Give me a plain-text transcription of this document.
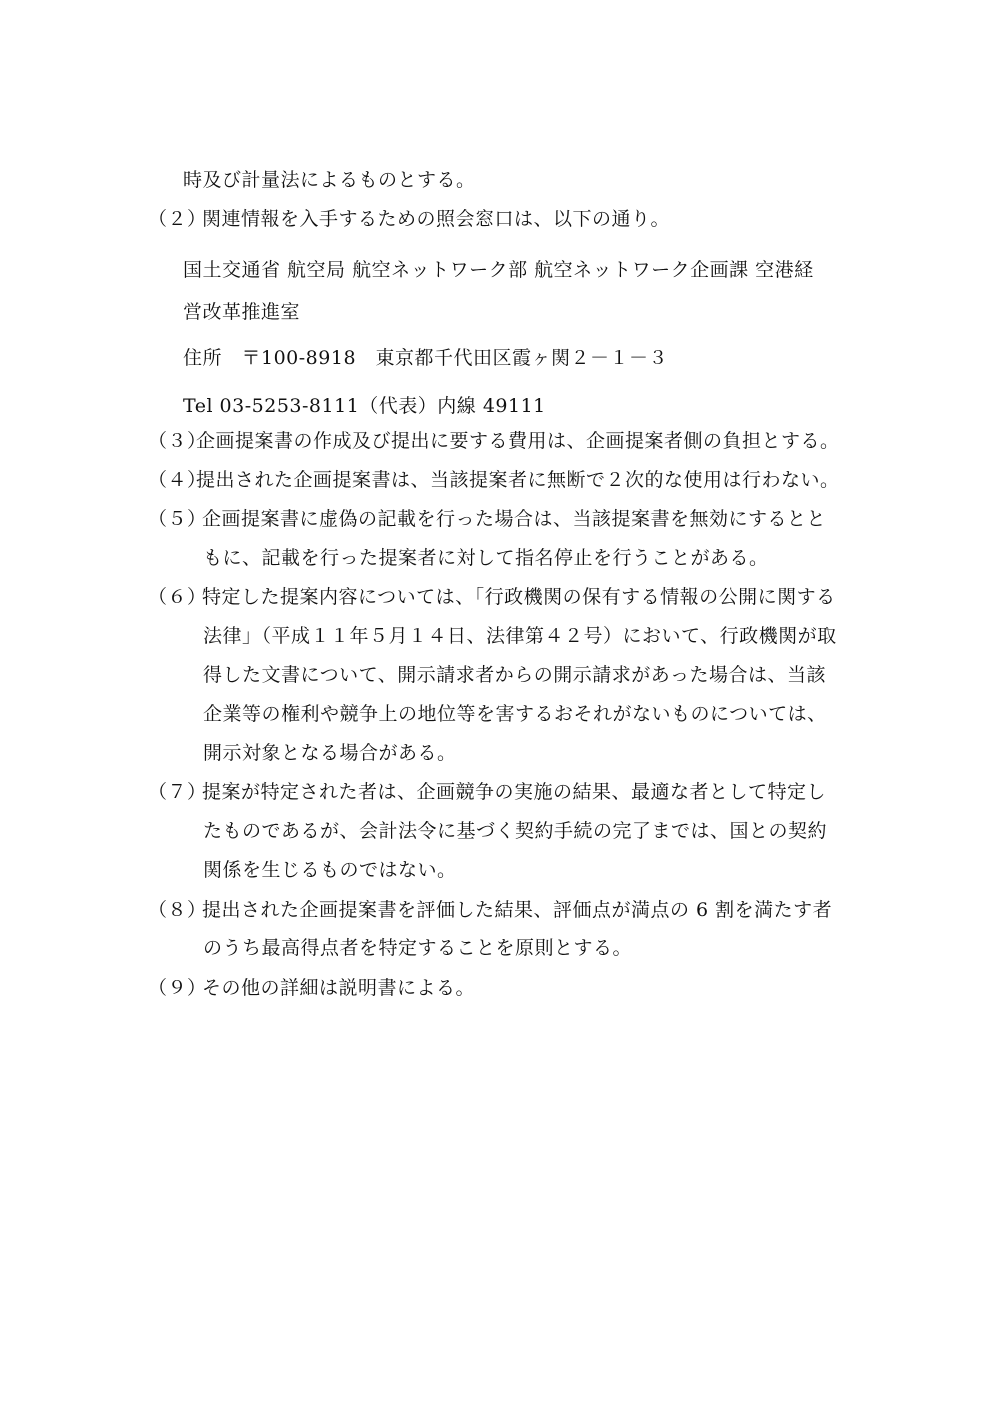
時及び計量法によるものとする。
（２）関連情報を入手するための照会窓口は、以下の通り。
国土交通省 航空局 航空ネットワーク部 航空ネットワーク企画課 空港経
営改革推進室
住所　〒100-8918　東京都千代田区霞ヶ関２－１－３
Tel 03-5253-8111（代表）内線 49111
（３）企画提案書の作成及び提出に要する費用は、企画提案者側の負担とする。
（４）提出された企画提案書は、当該提案者に無断で２次的な使用は行わない。
（５）企画提案書に虚偽の記載を行った場合は、当該提案書を無効にするとと
もに、記載を行った提案者に対して指名停止を行うことがある。
（６）特定した提案内容については、「行政機関の保有する情報の公開に関する
法律」（平成１１年５月１４日、法律第４２号）において、行政機関が取
得した文書について、開示請求者からの開示請求があった場合は、当該
企業等の権利や競争上の地位等を害するおそれがないものについては、
開示対象となる場合がある。
（７）提案が特定された者は、企画競争の実施の結果、最適な者として特定し
たものであるが、会計法令に基づく契約手続の完了までは、国との契約
関係を生じるものではない。
（８）提出された企画提案書を評価した結果、評価点が満点の 6 割を満たす者
のうち最高得点者を特定することを原則とする。
（９）その他の詳細は説明書による。
